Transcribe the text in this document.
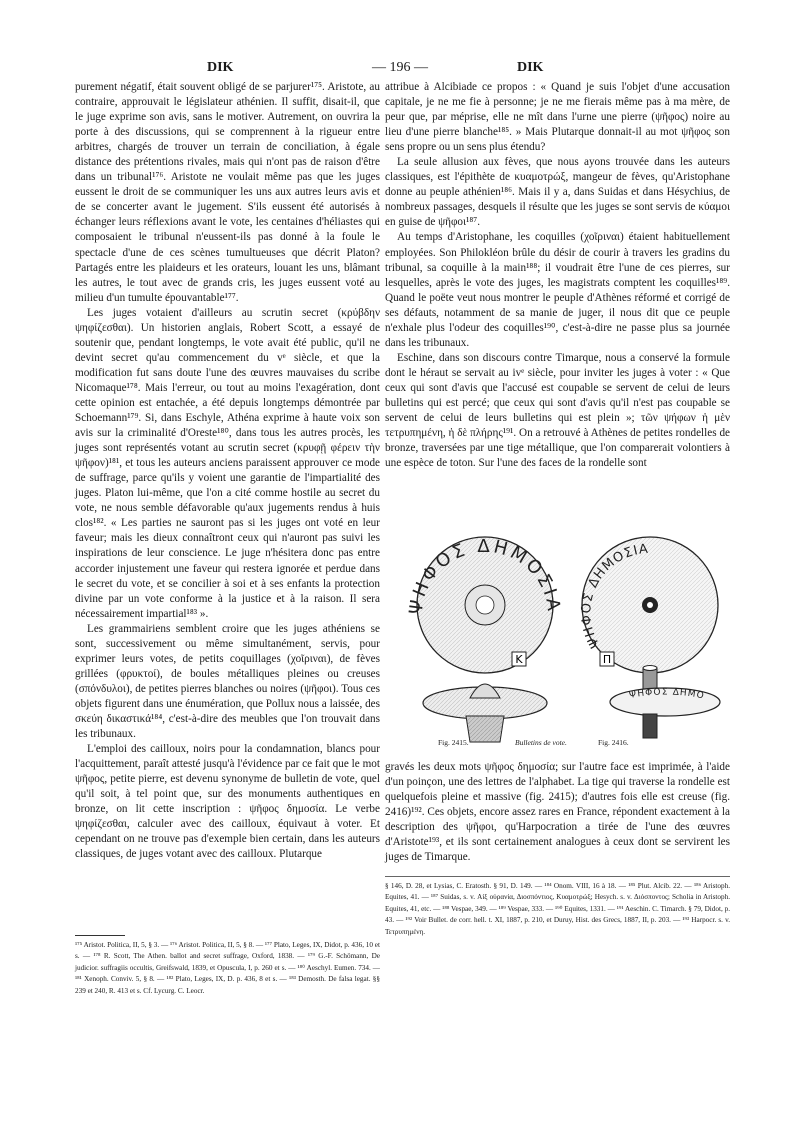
DIK	— 196 —	DIK

purement négatif, était souvent obligé de se parjurer¹⁷⁵. Aristote, au contraire, approuvait le législateur athénien. Il suffit, disait-il, que le juge exprime son avis, sans le motiver. Autrement, on ouvrira la porte à des discussions, qui se comprennent à la rigueur entre arbitres, chargés de trouver un terrain de conciliation, à égale distance des prétentions rivales, mais qui n'ont pas de raison d'être dans un tribunal¹⁷⁶. Aristote ne voulait même pas que les juges eussent le droit de se communiquer les uns aux autres leurs avis et de se concerter avant le jugement. S'ils eussent été autorisés à échanger leurs réflexions avant le vote, les centaines d'héliastes qui composaient le tribunal n'eussent-ils pas donné à la foule le spectacle d'une de ces scènes tumultueuses que décrit Platon? Partagés entre les plaideurs et les orateurs, louant les uns, blâmant les autres, le tout avec de grands cris, les juges eussent voté au milieu d'un tumulte épouvantable¹⁷⁷.

Les juges votaient d'ailleurs au scrutin secret (κρύβδην ψηφίζεσθαι). Un historien anglais, Robert Scott, a essayé de soutenir que, pendant longtemps, le vote avait été public, qu'il ne devint secret qu'au commencement du vᵉ siècle, et que la modification fut sans doute l'une des œuvres mauvaises du scribe Nicomaque¹⁷⁸. Mais l'erreur, ou tout au moins l'exagération, dont cette opinion est entachée, a été depuis longtemps démontrée par Schoemann¹⁷⁹. Si, dans Eschyle, Athéna exprime à haute voix son avis sur la criminalité d'Oreste¹⁸⁰, dans tous les autres procès, les juges sont représentés votant au scrutin secret (κρυφῇ φέρειν τὴν ψῆφον)¹⁸¹, et tous les auteurs anciens paraissent approuver ce mode de suffrage, parce qu'ils y voient une garantie de l'impartialité des juges. Platon lui-même, que l'on a cité comme hostile au secret du vote, ne nous semble défavorable qu'aux jugements rendus à huis clos¹⁸². « Les parties ne sauront pas si les juges ont voté en leur faveur; mais les dieux connaîtront ceux qui n'auront pas suivi les inspirations de leur conscience. Le juge n'hésitera donc pas entre accorder injustement une faveur qui restera ignorée et perdue dans le secret du vote, et se concilier à soi et à ses enfants la protection divine par un vote conforme à la justice et à la raison. Il sera nécessairement impartial¹⁸³ ».

Les grammairiens semblent croire que les juges athéniens se sont, successivement ou même simultanément, servis, pour exprimer leurs votes, de petits coquillages (χοῖριναι), de fèves grillées (φρυκτοί), de boules métalliques pleines ou creuses (σπόνδυλοι), de petites pierres blanches ou noires (ψῆφοι). Tous ces objets figurent dans une énumération, que Pollux nous a laissée, des σκεύη δικαστικά¹⁸⁴, c'est-à-dire des meubles que l'on trouvait dans les tribunaux.

L'emploi des cailloux, noirs pour la condamnation, blancs pour l'acquittement, paraît attesté jusqu'à l'évidence par ce fait que le mot ψῆφος, petite pierre, est devenu synonyme de bulletin de vote, quel qu'il soit, à tel point que, sur des monuments authentiques en bronze, on lit cette inscription : ψῆφος δημοσία. Le verbe ψηφίζεσθαι, calculer avec des cailloux, équivaut à voter. Et cependant on ne trouve pas d'exemple bien certain, dans les auteurs classiques, de juges votant avec des cailloux. Plutarque

¹⁷⁵ Aristot. Politica, II, 5, § 3. — ¹⁷⁶ Aristot. Politica, II, 5, § 8. — ¹⁷⁷ Plato, Leges, IX, Didot, p. 436, 10 et s. — ¹⁷⁸ R. Scott, The Athen. ballot and secret suffrage, Oxford, 1838. — ¹⁷⁹ G.-F. Schömann, De judicior. suffragiis occultis, Greifswald, 1839, et Opuscula, I, p. 260 et s. — ¹⁸⁰ Aeschyl. Eumen. 734. — ¹⁸¹ Xenoph. Conviv. 5, § 8. — ¹⁸² Plato, Leges, IX, D. p. 436, 8 et s. — ¹⁸³ Demosth. De falsa legat. §§ 239 et 240, R. 413 et s. Cf. Lycurg. C. Leocr.

attribue à Alcibiade ce propos : « Quand je suis l'objet d'une accusation capitale, je ne me fie à personne; je ne me fierais même pas à ma mère, de peur que, par méprise, elle ne mît dans l'urne une pierre (ψῆφος) noire au lieu d'une pierre blanche¹⁸⁵. » Mais Plutarque donnait-il au mot ψῆφος son sens propre ou un sens plus étendu?

La seule allusion aux fèves, que nous ayons trouvée dans les auteurs classiques, est l'épithète de κυαμοτρώξ, mangeur de fèves, qu'Aristophane donne au peuple athénien¹⁸⁶. Mais il y a, dans Suidas et dans Hésychius, de nombreux passages, desquels il résulte que les juges se sont servis de κύαμοι en guise de ψῆφοι¹⁸⁷.

Au temps d'Aristophane, les coquilles (χοῖριναι) étaient habituellement employées. Son Philokléon brûle du désir de courir à travers les gradins du tribunal, sa coquille à la main¹⁸⁸; il voudrait être l'une de ces pierres, sur lesquelles, après le vote des juges, les magistrats comptent les coquilles¹⁸⁹. Quand le poëte veut nous montrer le peuple d'Athènes réformé et corrigé de ses défauts, notamment de sa manie de juger, il nous dit que ce peuple n'exhale plus l'odeur des coquilles¹⁹⁰, c'est-à-dire ne passe plus sa journée dans les tribunaux.

Eschine, dans son discours contre Timarque, nous a conservé la formule dont le héraut se servait au ivᵉ siècle, pour inviter les juges à voter : « Que ceux qui sont d'avis que l'accusé est coupable se servent de celui de leurs bulletins qui est percé; que ceux qui sont d'avis qu'il n'est pas coupable se servent de celui de leurs bulletins qui est plein »; τῶν ψήφων ἡ μὲν τετρυπημένη, ἡ δὲ πλήρης¹⁹¹. On a retrouvé à Athènes de petites rondelles de bronze, traversées par une tige métallique, que l'on comparerait volontiers à une espèce de toton. Sur l'une des faces de la rondelle sont

ΨΗΦΟΣ ΔΗΜΟΣΙΑ
Κ
ΨΗΦΟΣ ΔΗΜΟΣΙΑ
Π
ΨΗΦΟΣ ΔΗΜΟ
Fig. 2415.	Bulletins de vote.	Fig. 2416.

gravés les deux mots ψῆφος δημοσία; sur l'autre face est imprimée, à l'aide d'un poinçon, une des lettres de l'alphabet. La tige qui traverse la rondelle est quelquefois pleine et massive (fig. 2415); d'autres fois elle est creuse (fig. 2416)¹⁹². Ces objets, encore assez rares en France, répondent exactement à la description des ψῆφοι, qu'Harpocration a tirée de l'une des œuvres d'Aristote¹⁹³, et ils sont certainement analogues à ceux dont se servirent les juges de Timarque.

§ 146, D. 28, et Lysias, C. Eratosth. § 91, D. 149. — ¹⁸⁴ Onom. VIII, 16 à 18. — ¹⁸⁵ Plut. Alcib. 22. — ¹⁸⁶ Aristoph. Equites, 41. — ¹⁸⁷ Suidas, s. v. Αἰξ οὐρανία, Διοσπόντιος, Κυαμοτρώξ; Hesych. s. v. Διόσποντος; Scholia in Aristoph. Equites, 41, etc. — ¹⁸⁸ Vespae, 349. — ¹⁸⁹ Vespae, 333. — ¹⁹⁰ Equites, 1331. — ¹⁹¹ Aeschin. C. Timarch. § 79, Didot, p. 43. — ¹⁹² Voir Bullet. de corr. hell. t. XI, 1887, p. 210, et Duruy, Hist. des Grecs, 1887, II, p. 203. — ¹⁹³ Harpocr. s. v. Τετρυπημένη.
